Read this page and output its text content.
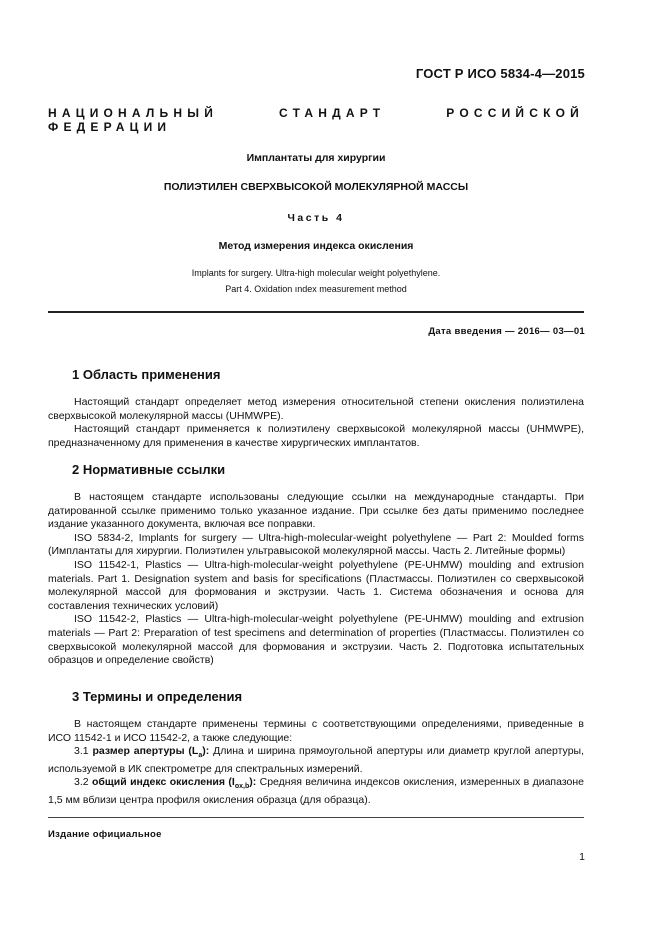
ГОСТ Р ИСО 5834-4—2015
НАЦИОНАЛЬНЫЙ СТАНДАРТ РОССИЙСКОЙ ФЕДЕРАЦИИ
Имплантаты для хирургии
ПОЛИЭТИЛЕН СВЕРХВЫСОКОЙ МОЛЕКУЛЯРНОЙ МАССЫ
Часть 4
Метод измерения индекса окисления
Implants for surgery. Ultra-high molecular weight polyethylene.
Part 4. Oxidation ındex measurement method
Дата введения — 2016— 03—01
1 Область применения
Настоящий стандарт определяет метод измерения относительной степени окисления полиэтилена сверхвысокой молекулярной массы (UHMWPE).
Настоящий стандарт применяется к полиэтилену сверхвысокой молекулярной массы (UHMWPE), предназначенному для применения в качестве хирургических имплантатов.
2 Нормативные ссылки
В настоящем стандарте использованы следующие ссылки на международные стандарты. При датированной ссылке применимо только указанное издание. При ссылке без даты применимо последнее издание указанного документа, включая все поправки.
ISO 5834-2, Implants for surgery — Ultra-high-molecular-weight polyethylene — Part 2: Moulded forms (Имплантаты для хирургии. Полиэтилен ультравысокой молекулярной массы. Часть 2. Литейные формы)
ISO 11542-1, Plastics — Ultra-high-molecular-weight polyethylene (PE-UHMW) moulding and extrusion materials. Part 1. Designation system and basis for specifications (Пластмассы. Полиэтилен со сверхвысокой молекулярной массой для формования и экструзии. Часть 1. Система обозначения и основа для составления технических условий)
ISO 11542-2, Plastics — Ultra-high-molecular-weight polyethylene (PE-UHMW) moulding and extrusion materials — Part 2: Preparation of test specimens and determination of properties (Пластмассы. Полиэтилен со сверхвысокой молекулярной массой для формования и экструзии. Часть 2. Подготовка испытательных образцов и определение свойств)
3 Термины и определения
В настоящем стандарте применены термины с соответствующими определениями, приведенные в ИСО 11542-1 и ИСО 11542-2, а также следующие:
3.1 размер апертуры $(L_a)$: Длина и ширина прямоугольной апертуры или диаметр круглой апертуры, используемой в ИК спектрометре для спектральных измерений.
3.2 общий индекс окисления $(I_{ox,b})$: Средняя величина индексов окисления, измеренных в диапазоне 1,5 мм вблизи центра профиля окисления образца (для образца).
Издание официальное
1
